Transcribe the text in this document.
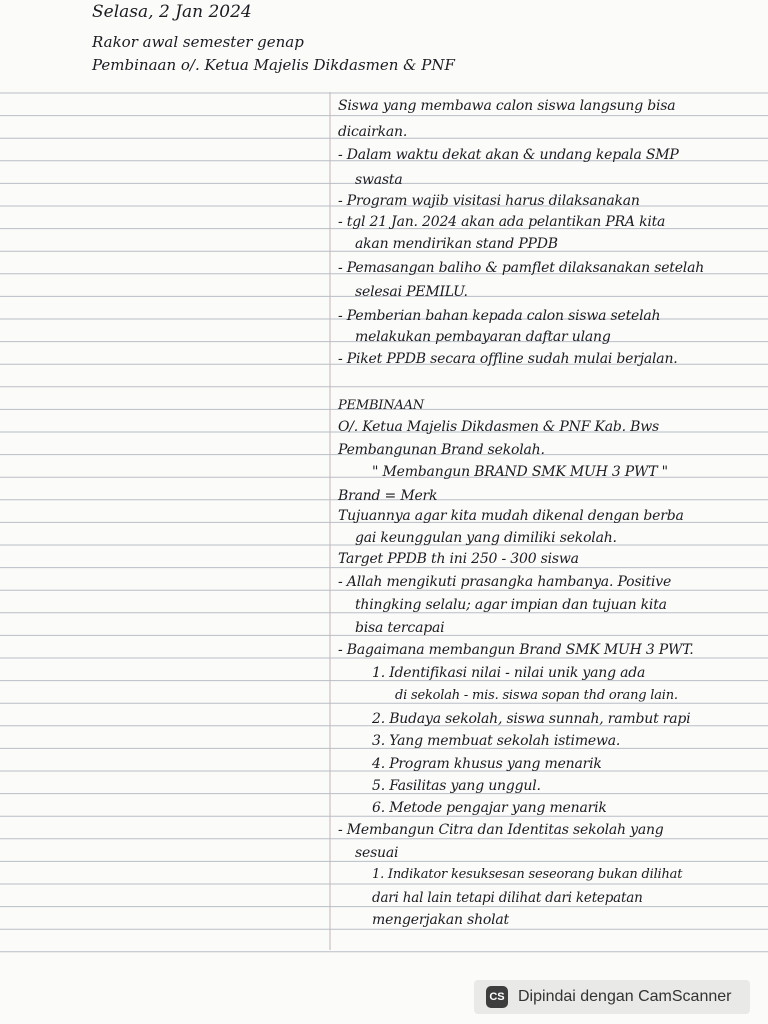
Selasa, 2 Jan 2024
Rakor awal semester genap
Pembinaan o/. Ketua Majelis Dikdasmen & PNF
Siswa yang membawa calon siswa langsung bisa
dicairkan.
- Dalam waktu dekat akan & undang kepala SMP
swasta
- Program wajib visitasi harus dilaksanakan
- tgl 21 Jan. 2024 akan ada pelantikan PRA kita
akan mendirikan stand PPDB
- Pemasangan baliho & pamflet dilaksanakan setelah
selesai PEMILU.
- Pemberian bahan kepada calon siswa setelah
melakukan pembayaran daftar ulang
- Piket PPDB secara offline sudah mulai berjalan.
PEMBINAAN
O/. Ketua Majelis Dikdasmen & PNF Kab. Bws
Pembangunan Brand sekolah.
" Membangun BRAND SMK MUH 3 PWT "
Brand = Merk
Tujuannya agar kita mudah dikenal dengan berba
gai keunggulan yang dimiliki sekolah.
Target PPDB th ini 250 - 300 siswa
- Allah mengikuti prasangka hambanya. Positive
thingking selalu; agar impian dan tujuan kita
bisa tercapai
- Bagaimana membangun Brand SMK MUH 3 PWT.
1. Identifikasi nilai - nilai unik yang ada
di sekolah - mis. siswa sopan thd orang lain.
2. Budaya sekolah, siswa sunnah, rambut rapi
3. Yang membuat sekolah istimewa.
4. Program khusus yang menarik
5. Fasilitas yang unggul.
6. Metode pengajar yang menarik
- Membangun Citra dan Identitas sekolah yang
sesuai
1. Indikator kesuksesan seseorang bukan dilihat
dari hal lain tetapi dilihat dari ketepatan
mengerjakan sholat
CS Dipindai dengan CamScanner
